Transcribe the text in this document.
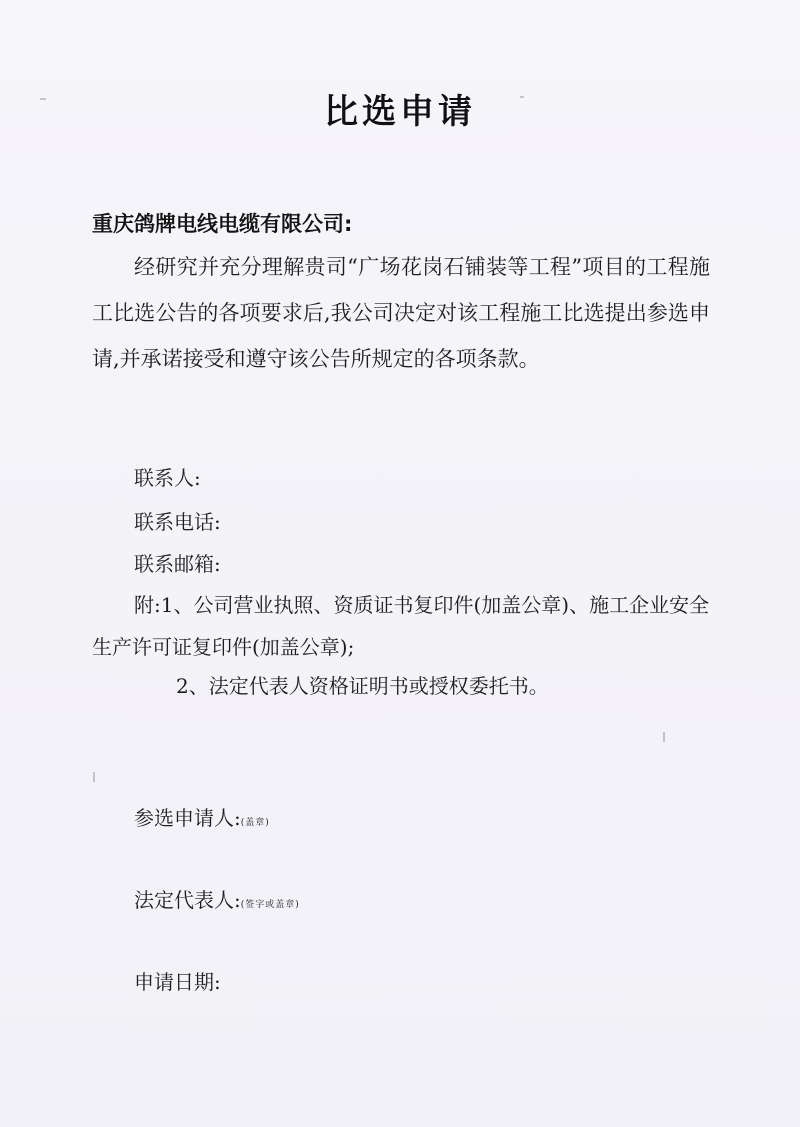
比选申请
重庆鸽牌电线电缆有限公司:
经研究并充分理解贵司“广场花岗石铺装等工程”项目的工程施工比选公告的各项要求后,我公司决定对该工程施工比选提出参选申请,并承诺接受和遵守该公告所规定的各项条款。
联系人:
联系电话:
联系邮箱:
附:1、公司营业执照、资质证书复印件(加盖公章)、施工企业安全生产许可证复印件(加盖公章);
2、法定代表人资格证明书或授权委托书。
参选申请人:(盖章)
法定代表人:(签字或盖章)
申请日期:
